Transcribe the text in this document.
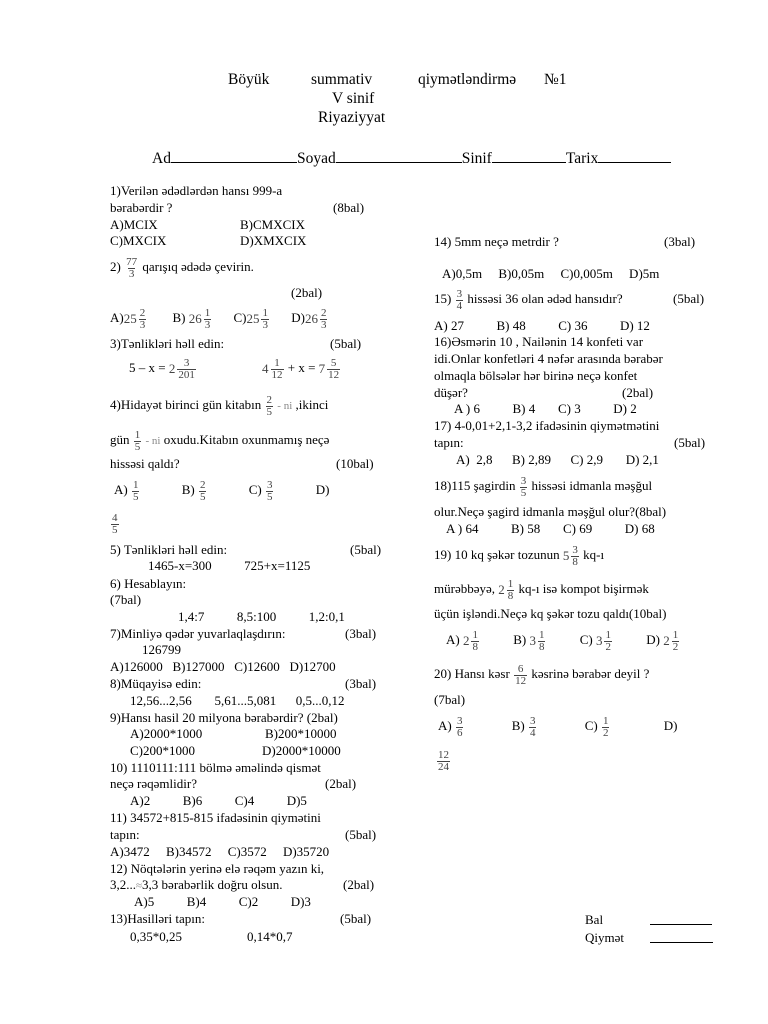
Böyük	summativ	qiymətləndirmə №1
V sinif
Riyaziyyat
Ad	Soyad	Sinif	Tarix
1)Verilən ədədlərdən hansı 999-a
bərabərdir ?	(8bal)
A)MCIX	B)CMXCIX
C)MXCIX	D)XMXCIX
$2) \frac{77}{3}$ qarışıq ədədə çevirin.
(2bal)
A) 25 2
3 B) 26 1
3 C) 25 1
3 D) 26 2
3
3)Tənlikləri həll edin:	(5bal)
5 – x = 2 3
201	4 1
12 + x = 7 5
12
4)Hidayət birinci gün kitabın $\frac{2}{5}$ - ni ,ikinci
gün $\frac{1}{5}$ - ni oxudu.Kitabın oxunmamış neçə
hissəsi qaldı?	(10bal)
$A) \frac{1}{5}$	$B) \frac{2}{5}$	$C) \frac{3}{5}$	D)
$\frac{4}{5}$
5) Tənlikləri həll edin:	(5bal)
1465-x=300          725+x=1125
6) Hesablayın:
(7bal)
1,4:7          8,5:100          1,2:0,1
7)Minliyə qədər yuvarlaqlaşdırın:	(3bal)
126799
A)126000   B)127000   C)12600   D)12700
8)Müqayisə edin:	(3bal)
12,56...2,56       5,61...5,081      0,5...0,12
9)Hansı hasil 20 milyona bərabərdir? (2bal)
A)2000*1000	B)200*10000
C)200*1000	D)2000*10000
10) 1110111:111 bölmə əməlində qismət
neçə rəqəmlidir?	(2bal)
A)2          B)6          C)4          D)5
11) 34572+815-815 ifadəsinin qiymətini
tapın:	(5bal)
A)3472     B)34572     C)3572     D)35720
12) Nöqtələrin yerinə elə rəqəm yazın ki,
3,2...≈3,3 bərabərlik doğru olsun.	(2bal)
A)5          B)4          C)2          D)3
13)Hasilləri tapın:	(5bal)
0,35*0,25                    0,14*0,7
14) 5mm neçə metrdir ?	(3bal)
A)0,5m     B)0,05m     C)0,005m     D)5m
$15) \frac{3}{4}$ hissəsi 36 olan ədəd hansıdır?	(5bal)
A) 27          B) 48          C) 36          D) 12
16)Əsmərin 10 , Nailənin 14 konfeti var
idi.Onlar konfetləri 4 nəfər arasında bərabər
olmaqla bölsələr hər birinə neçə konfet
düşər?	(2bal)
A ) 6          B) 4       C) 3          D) 2
17) 4-0,01+2,1-3,2 ifadəsinin qiymətmətini
tapın:	(5bal)
A)  2,8      B) 2,89      C) 2,9       D) 2,1
18)115 şagirdin $\frac{3}{5}$ hissəsi idmanla məşğul
olur.Neçə şagird idmanla məşğul olur?(8bal)
A ) 64          B) 58       C) 69          D) 68
19) 10 kq şəkər tozunun 5 3
8 kq-ı
mürəbbəyə, 2 1
8 kq-ı isə kompot bişirmək
üçün işləndi.Neçə kq şəkər tozu qaldı(10bal)
A) 2 1
8	B) 3 1
8	C) 3 1
2	D) 2 1
2
20) Hansı kəsr $\frac{6}{12}$ kəsrinə bərabər deyil ?
(7bal)
$A) \frac{3}{6}$	$B) \frac{3}{4}$	$C) \frac{1}{2}$	D)
$\frac{12}{24}$
Bal
Qiymət
